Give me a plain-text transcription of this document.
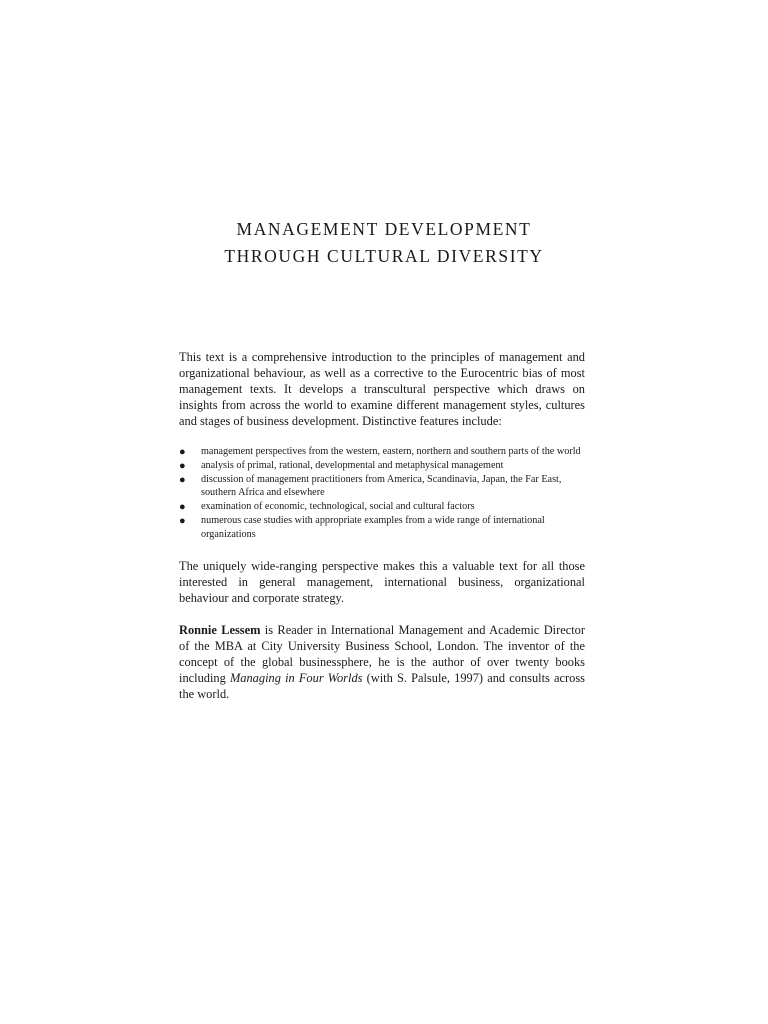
MANAGEMENT DEVELOPMENT
THROUGH CULTURAL DIVERSITY

This text is a comprehensive introduction to the principles of management and organizational behaviour, as well as a corrective to the Eurocentric bias of most management texts. It develops a transcultural perspective which draws on insights from across the world to examine different management styles, cultures and stages of business development. Distinctive features include:

● management perspectives from the western, eastern, northern and southern parts of the world
● analysis of primal, rational, developmental and metaphysical management
● discussion of management practitioners from America, Scandinavia, Japan, the Far East, southern Africa and elsewhere
● examination of economic, technological, social and cultural factors
● numerous case studies with appropriate examples from a wide range of international organizations

The uniquely wide-ranging perspective makes this a valuable text for all those interested in general management, international business, organizational behaviour and corporate strategy.

Ronnie Lessem is Reader in International Management and Academic Director of the MBA at City University Business School, London. The inventor of the concept of the global businessphere, he is the author of over twenty books including Managing in Four Worlds (with S. Palsule, 1997) and consults across the world.
